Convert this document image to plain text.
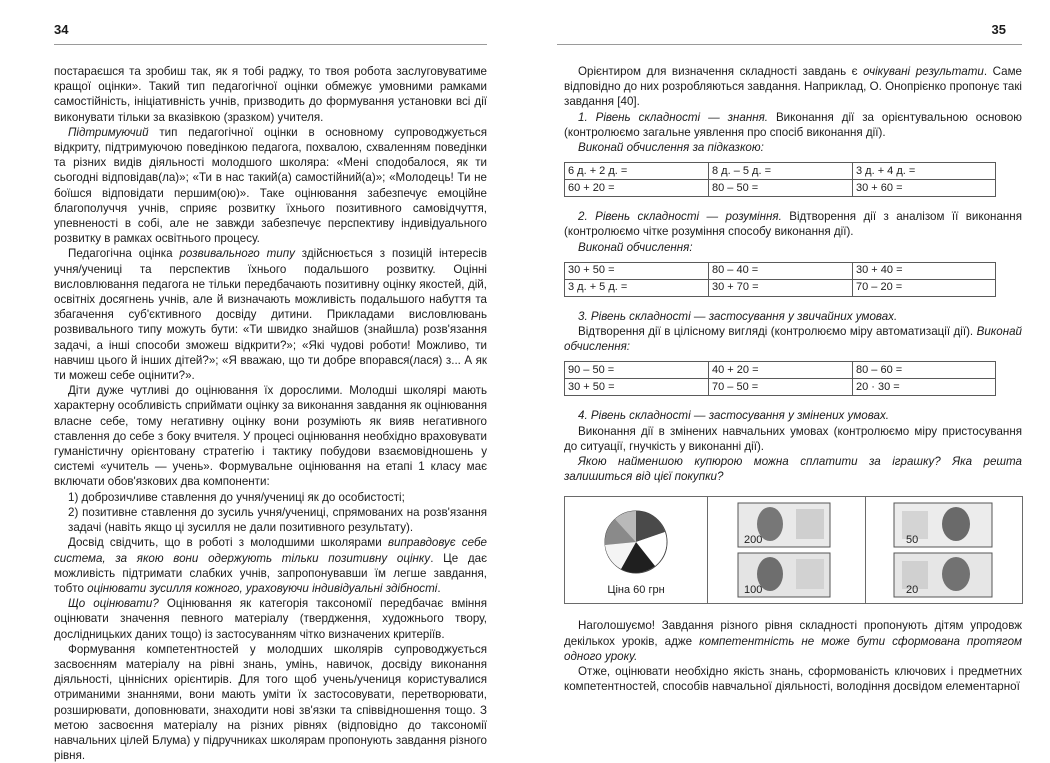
34

постараєшся та зробиш так, як я тобі раджу, то твоя робота заслуговуватиме кращої оцінки». Такий тип педагогічної оцінки обмежує умовними рамками самостійність, ініціативність учнів, призводить до формування установки всі дії виконувати тільки за вказівкою (зразком) учителя.

Підтримуючий тип педагогічної оцінки в основному супроводжується відкриту, підтримуючою поведінкою педагога, похвалою, схваленням поведінки та різних видів діяльності молодшого школяра: «Мені сподобалося, як ти сьогодні відповідав(ла)»; «Ти в нас такий(а) самостійний(а)»; «Молодець! Ти не боїшся відповідати першим(ою)». Таке оцінювання забезпечує емоційне благополуччя учнів, сприяє розвитку їхнього позитивного самовідчуття, упевненості в собі, але не завжди забезпечує перспективу індивідуального розвитку в рамках освітнього процесу.

Педагогічна оцінка розвивального типу здійснюється з позицій інтересів учня/учениці та перспектив їхнього подальшого розвитку. Оцінні висловлювання педагога не тільки передбачають позитивну оцінку якостей, дій, освітніх досягнень учнів, але й визначають можливість подальшого набуття та збагачення суб'єктивного досвіду дитини. Прикладами висловлювань розвивального типу можуть бути: «Ти швидко знайшов (знайшла) розв'язання задачі, а інші способи зможеш відкрити?»; «Які чудові роботи! Можливо, ти навчиш цього й інших дітей?»; «Я вважаю, що ти добре впорався(лася) з... А як ти можеш себе оцінити?».

Діти дуже чутливі до оцінювання їх дорослими. Молодші школярі мають характерну особливість сприймати оцінку за виконання завдання як оцінювання власне себе, тому негативну оцінку вони розуміють як вияв негативного ставлення до себе з боку вчителя. У процесі оцінювання необхідно враховувати гуманістичну орієнтовану стратегію і тактику побудови взаємовідношень у системі «учитель — учень». Формувальне оцінювання на етапі 1 класу має включати обов'язкових два компоненти:

1) доброзичливе ставлення до учня/учениці як до особистості;

2) позитивне ставлення до зусиль учня/учениці, спрямованих на розв'язання задачі (навіть якщо ці зусилля не дали позитивного результату).

Досвід свідчить, що в роботі з молодшими школярами виправдовує себе система, за якою вони одержують тільки позитивну оцінку. Це дає можливість підтримати слабких учнів, запропонувавши їм легше завдання, тобто оцінювати зусилля кожного, ураховуючи індивідуальні здібності.

Що оцінювати? Оцінювання як категорія таксономії передбачає вміння оцінювати значення певного матеріалу (твердження, художнього твору, дослідницьких даних тощо) із застосуванням чітко визначених критеріїв.

Формування компетентностей у молодших школярів супроводжується засвоєнням матеріалу на рівні знань, умінь, навичок, досвіду виконання діяльності, ціннісних орієнтирів. Для того щоб учень/учениця користувалися отриманими знаннями, вони мають уміти їх застосовувати, перетворювати, розширювати, доповнювати, знаходити нові зв'язки та співвідношення тощо. З метою засвоєння матеріалу на різних рівнях (відповідно до таксономії навчальних цілей Блума) у підручниках школярам пропонують завдання різного рівня.

35

Орієнтиром для визначення складності завдань є очікувані результати. Саме відповідно до них розробляються завдання. Наприклад, О. Онопрієнко пропонує такі завдання [40].

1. Рівень складності — знання. Виконання дії за орієнтувальною основою (контролюємо загальне уявлення про спосіб виконання дії).

Виконай обчислення за підказкою:

6 д. + 2 д. =	8 д. – 5 д. =	3 д. + 4 д. =
60 + 20 =	80 – 50 =	30 + 60 =

2. Рівень складності — розуміння. Відтворення дії з аналізом її виконання (контролюємо чітке розуміння способу виконання дії).

Виконай обчислення:

30 + 50 =	80 – 40 =	30 + 40 =
3 д. + 5 д. =	30 + 70 =	70 – 20 =

3. Рівень складності — застосування у звичайних умовах.

Відтворення дії в цілісному вигляді (контролюємо міру автоматизації дії). Виконай обчислення:

90 – 50 =	40 + 20 =	80 – 60 =
30 + 50 =	70 – 50 =	20 · 30 =

4. Рівень складності — застосування у змінених умовах.

Виконання дії в змінених навчальних умовах (контролюємо міру пристосування до ситуації, гнучкість у виконанні дії).

Якою найменшою купюрою можна сплатити за іграшку? Яка решта залишиться від цієї покупки?

Ціна 60 грн
200
100
50
20

Наголошуємо! Завдання різного рівня складності пропонують дітям упродовж декількох уроків, адже компетентність не може бути сформована протягом одного уроку.

Отже, оцінювати необхідно якість знань, сформованість ключових і предметних компетентностей, способів навчальної діяльності, володіння досвідом елементарної
